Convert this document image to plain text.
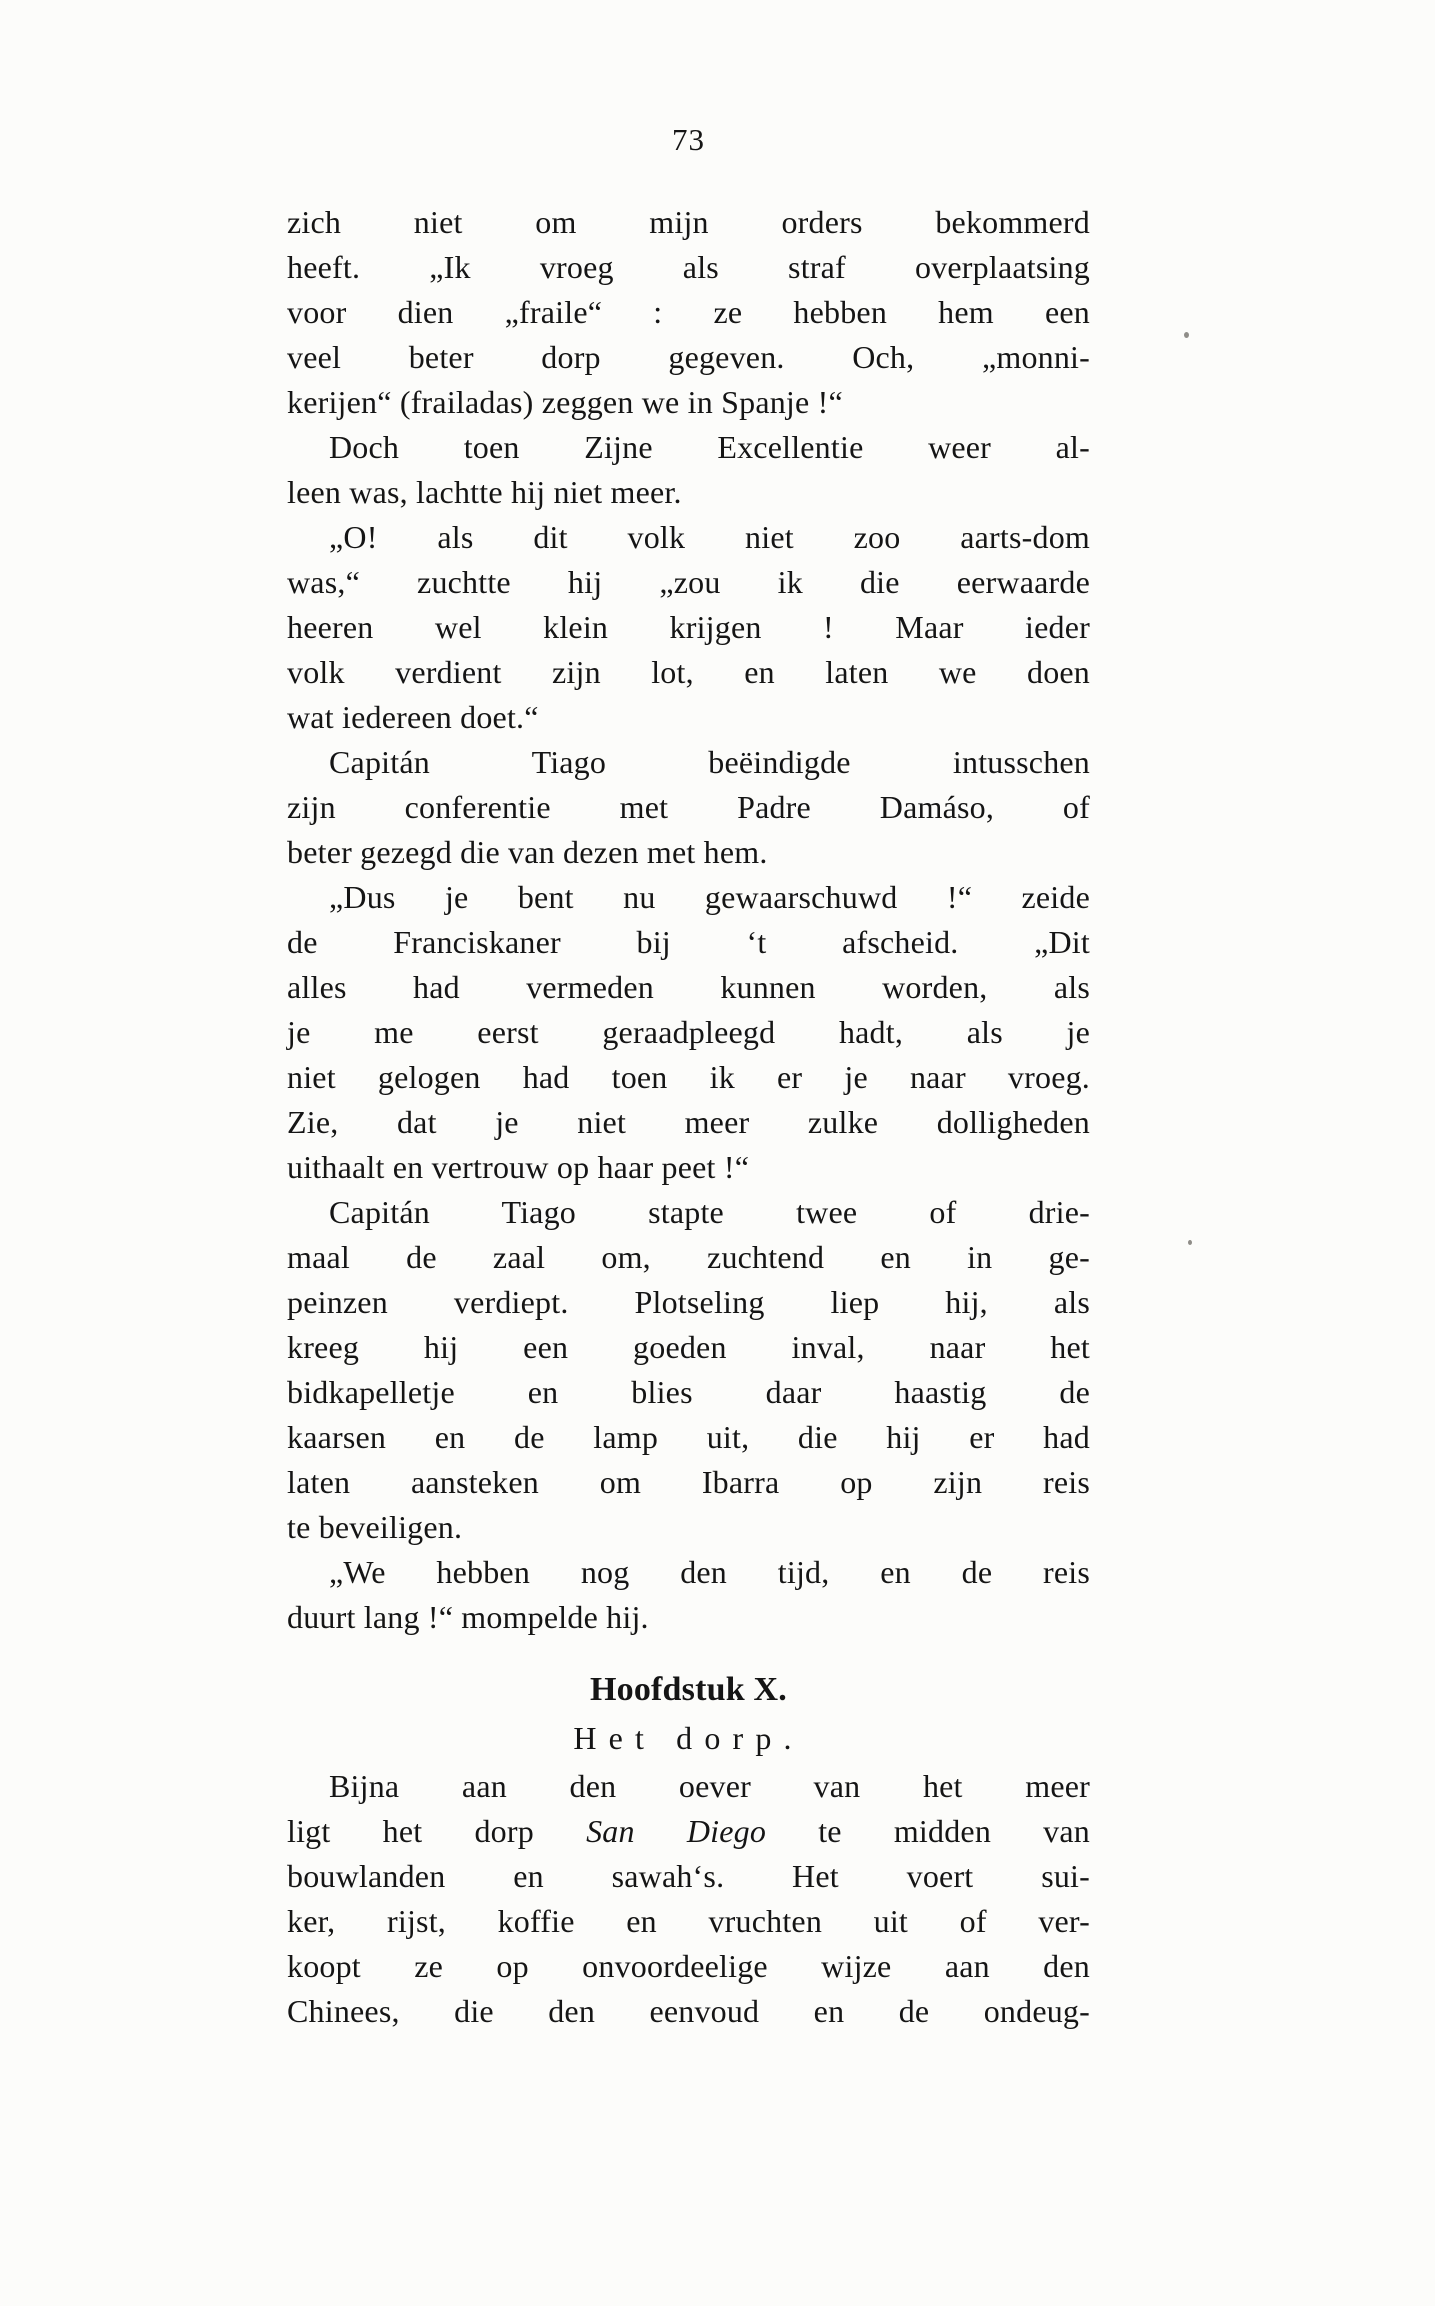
73
zich niet om mijn orders bekommerd
heeft. „Ik vroeg als straf overplaatsing
voor dien „fraile“ : ze hebben hem een
veel beter dorp gegeven. Och, „monni-
kerijen“ (frailadas) zeggen we in Spanje !“
Doch toen Zijne Excellentie weer al-
leen was, lachtte hij niet meer.
„O! als dit volk niet zoo aarts-dom
was,“ zuchtte hij „zou ik die eerwaarde
heeren wel klein krijgen ! Maar ieder
volk verdient zijn lot, en laten we doen
wat iedereen doet.“
Capitán Tiago beëindigde intusschen
zijn conferentie met Padre Damáso, of
beter gezegd die van dezen met hem.
„Dus je bent nu gewaarschuwd !“ zeide
de Franciskaner bij ‘t afscheid. „Dit
alles had vermeden kunnen worden, als
je me eerst geraadpleegd hadt, als je
niet gelogen had toen ik er je naar vroeg.
Zie, dat je niet meer zulke dolligheden
uithaalt en vertrouw op haar peet !“
Capitán Tiago stapte twee of drie-
maal de zaal om, zuchtend en in ge-
peinzen verdiept. Plotseling liep hij, als
kreeg hij een goeden inval, naar het
bidkapelletje en blies daar haastig de
kaarsen en de lamp uit, die hij er had
laten aansteken om Ibarra op zijn reis
te beveiligen.
„We hebben nog den tijd, en de reis
duurt lang !“ mompelde hij.
Hoofdstuk X.
Het dorp.
Bijna aan den oever van het meer
ligt het dorp San Diego te midden van
bouwlanden en sawah‘s. Het voert sui-
ker, rijst, koffie en vruchten uit of ver-
koopt ze op onvoordeelige wijze aan den
Chinees, die den eenvoud en de ondeug-
